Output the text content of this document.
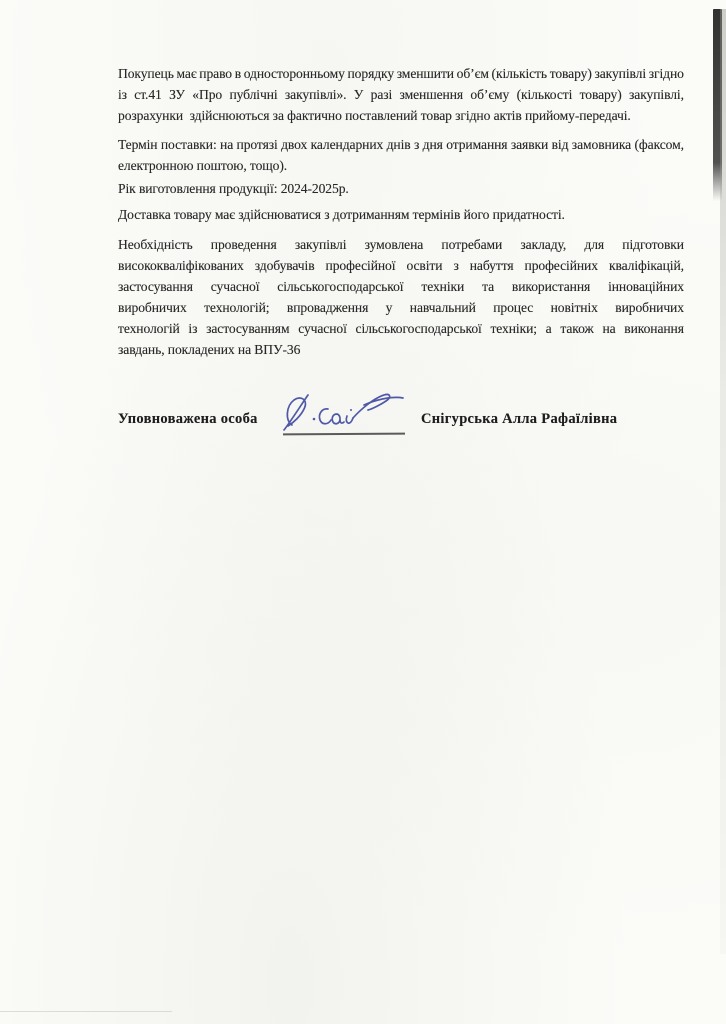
Покупець має право в односторонньому порядку зменшити об’єм (кількість товару) закупівлі згідно
із ст.41 ЗУ «Про публічні закупівлі». У разі зменшення об’єму (кількості товару) закупівлі,
розрахунки  здійснюються за фактично поставлений товар згідно актів прийому-передачі.
Термін поставки: на протязі двох календарних днів з дня отримання заявки від замовника (факсом,
електронною поштою, тощо).
Рік виготовлення продукції: 2024-2025р.
Доставка товару має здійснюватися з дотриманням термінів його придатності.
Необхідність проведення закупівлі зумовлена потребами закладу, для підготовки
висококваліфікованих здобувачів професійної освіти з набуття професійних кваліфікацій,
застосування сучасної сільськогосподарської техніки та використання інноваційних
виробничих технологій; впровадження у навчальний процес новітніх виробничих
технологій із застосуванням сучасної сільськогосподарської техніки; а також на виконання
завдань, покладених на ВПУ-36
Уповноважена особа	Снігурська Алла Рафаїлівна
